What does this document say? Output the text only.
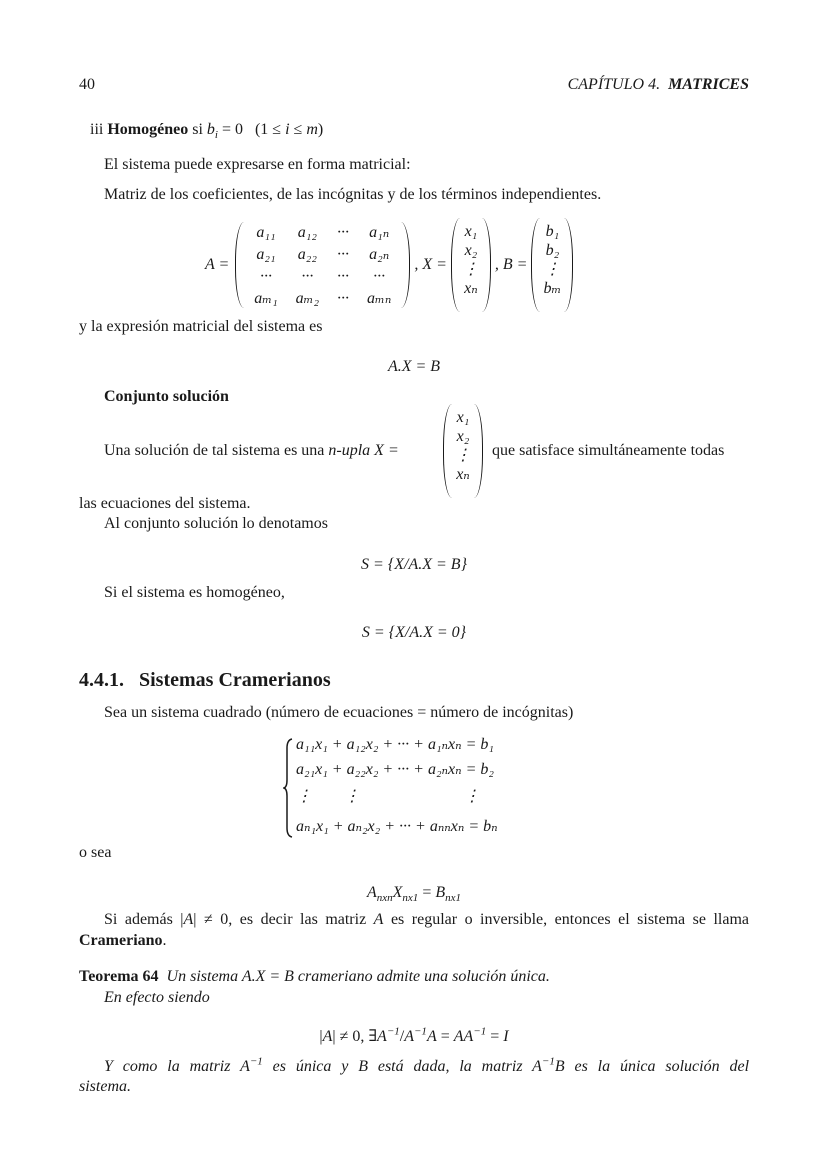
40	CAPÍTULO 4. MATRICES
iii Homogéneo si $b_i = 0$   (1 ≤ i ≤ m)
El sistema puede expresarse en forma matricial:
Matriz de los coeficientes, de las incógnitas y de los términos independientes.
A =
a₁₁	a₁₂	···	a₁ₙ
a₂₁	a₂₂	···	a₂ₙ
···	···	···	···
aₘ₁	aₘ₂	···	aₘₙ
, X =
x₁
x₂
⋮
xₙ
, B =
b₁
b₂
⋮
bₘ
y la expresión matricial del sistema es
A.X = B
Conjunto solución
Una solución de tal sistema es una n-upla X =
x₁
x₂
⋮
xₙ
que satisface simultáneamente todas
las ecuaciones del sistema.
Al conjunto solución lo denotamos
S = {X/A.X = B}
Si el sistema es homogéneo,
S = {X/A.X = 0}
4.4.1. Sistemas Cramerianos
Sea un sistema cuadrado (número de ecuaciones = número de incógnitas)
a₁₁x₁ + a₁₂x₂ + ··· + a₁ₙxₙ = b₁
a₂₁x₁ + a₂₂x₂ + ··· + a₂ₙxₙ = b₂
⋮        ⋮                          ⋮
aₙ₁x₁ + aₙ₂x₂ + ··· + aₙₙxₙ = bₙ
o sea
$A_{nxn}X_{nx1} = B_{nx1}$
Si además |A| ≠ 0, es decir las matriz A es regular o inversible, entonces el sistema se llama
Crameriano.
Teorema 64 Un sistema A.X = B crameriano admite una solución única.
En efecto siendo
|A| ≠ 0, $\exists A^{-1}/A^{-1}A = AA^{-1} = I$
Y como la matriz $A^{-1}$ es única y B está dada, la matriz $A^{-1}B$ es la única solución del
sistema.
